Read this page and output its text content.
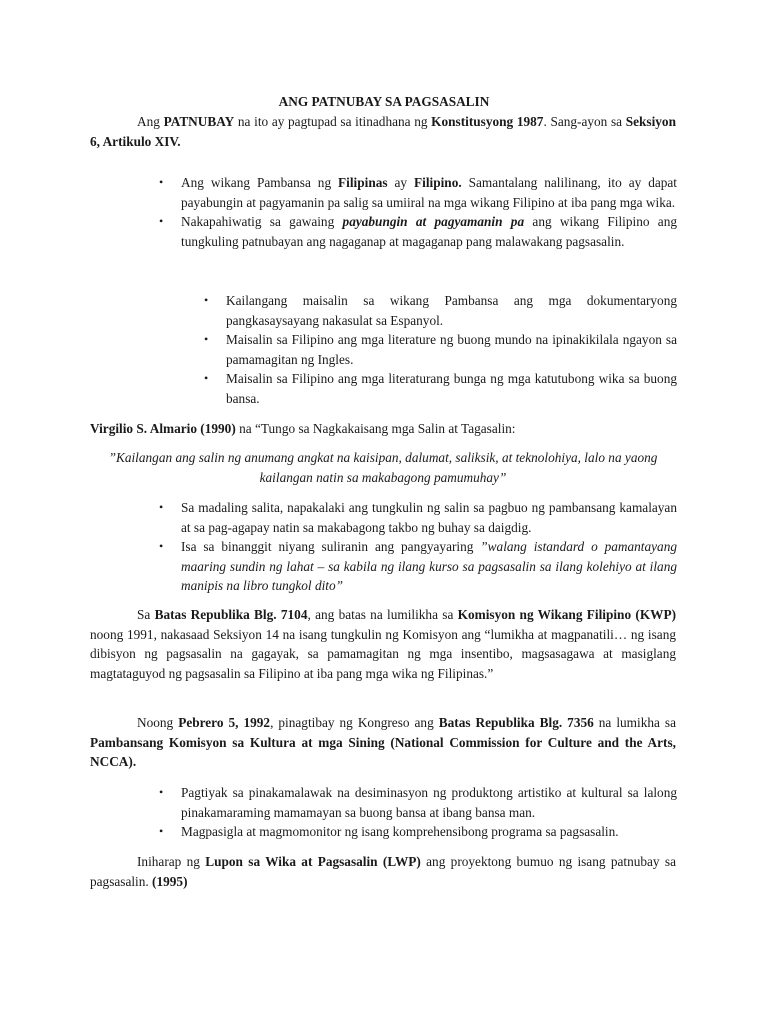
ANG PATNUBAY SA PAGSASALIN

Ang PATNUBAY na ito ay pagtupad sa itinadhana ng Konstitusyong 1987. Sang-ayon sa Seksiyon 6, Artikulo XIV.

• Ang wikang Pambansa ng Filipinas ay Filipino. Samantalang nalilinang, ito ay dapat payabungin at pagyamanin pa salig sa umiiral na mga wikang Filipino at iba pang mga wika.
• Nakapahiwatig sa gawaing payabungin at pagyamanin pa ang wikang Filipino ang tungkuling patnubayan ang nagaganap at magaganap pang malawakang pagsasalin.
• Kailangang maisalin sa wikang Pambansa ang mga dokumentaryong pangkasaysayang nakasulat sa Espanyol.
• Maisalin sa Filipino ang mga literature ng buong mundo na ipinakikilala ngayon sa pamamagitan ng Ingles.
• Maisalin sa Filipino ang mga literaturang bunga ng mga katutubong wika sa buong bansa.

Virgilio S. Almario (1990) na “Tungo sa Nagkakaisang mga Salin at Tagasalin:

”Kailangan ang salin ng anumang angkat na kaisipan, dalumat, saliksik, at teknolohiya, lalo na yaong kailangan natin sa makabagong pamumuhay”

• Sa madaling salita, napakalaki ang tungkulin ng salin sa pagbuo ng pambansang kamalayan at sa pag-agapay natin sa makabagong takbo ng buhay sa daigdig.
• Isa sa binanggit niyang suliranin ang pangyayaring ”walang istandard o pamantayang maaring sundin ng lahat – sa kabila ng ilang kurso sa pagsasalin sa ilang kolehiyo at ilang manipis na libro tungkol dito”

Sa Batas Republika Blg. 7104, ang batas na lumilikha sa Komisyon ng Wikang Filipino (KWP) noong 1991, nakasaad Seksiyon 14 na isang tungkulin ng Komisyon ang “lumikha at magpanatili… ng isang dibisyon ng pagsasalin na gagayak, sa pamamagitan ng mga insentibo, magsasagawa at masiglang magtataguyod ng pagsasalin sa Filipino at iba pang mga wika ng Filipinas.”

Noong Pebrero 5, 1992, pinagtibay ng Kongreso ang Batas Republika Blg. 7356 na lumikha sa Pambansang Komisyon sa Kultura at mga Sining (National Commission for Culture and the Arts, NCCA).

• Pagtiyak sa pinakamalawak na desiminasyon ng produktong artistiko at kultural sa lalong pinakamaraming mamamayan sa buong bansa at ibang bansa man.
• Magpasigla at magmomonitor ng isang komprehensibong programa sa pagsasalin.

Iniharap ng Lupon sa Wika at Pagsasalin (LWP) ang proyektong bumuo ng isang patnubay sa pagsasalin. (1995)
